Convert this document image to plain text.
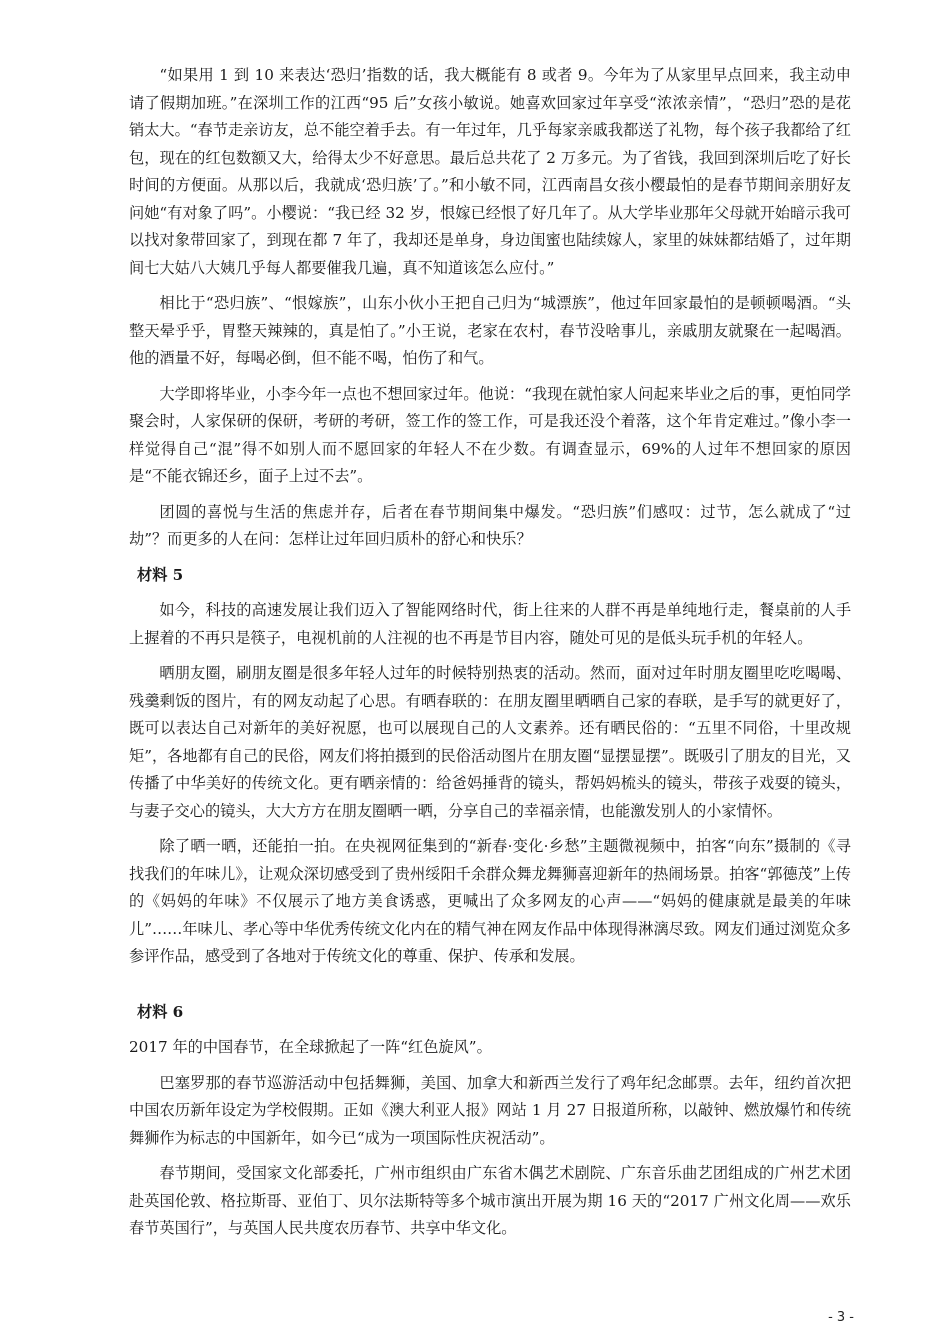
“如果用 1 到 10 来表达‘恐归’指数的话，我大概能有 8 或者 9。今年为了从家里早点回来，我主动申请了假期加班。”在深圳工作的江西“95 后”女孩小敏说。她喜欢回家过年享受“浓浓亲情”，“恐归”恐的是花销太大。“春节走亲访友，总不能空着手去。有一年过年，几乎每家亲戚我都送了礼物，每个孩子我都给了红包，现在的红包数额又大，给得太少不好意思。最后总共花了 2 万多元。为了省钱，我回到深圳后吃了好长时间的方便面。从那以后，我就成‘恐归族’了。”和小敏不同，江西南昌女孩小樱最怕的是春节期间亲朋好友问她“有对象了吗”。小樱说：“我已经 32 岁，恨嫁已经恨了好几年了。从大学毕业那年父母就开始暗示我可以找对象带回家了，到现在都 7 年了，我却还是单身，身边闺蜜也陆续嫁人，家里的妹妹都结婚了，过年期间七大姑八大姨几乎每人都要催我几遍，真不知道该怎么应付。”

相比于“恐归族”、“恨嫁族”，山东小伙小王把自己归为“城漂族”，他过年回家最怕的是顿顿喝酒。“头整天晕乎乎，胃整天辣辣的，真是怕了。”小王说，老家在农村，春节没啥事儿，亲戚朋友就聚在一起喝酒。他的酒量不好，每喝必倒，但不能不喝，怕伤了和气。

大学即将毕业，小李今年一点也不想回家过年。他说：“我现在就怕家人问起来毕业之后的事，更怕同学聚会时，人家保研的保研，考研的考研，签工作的签工作，可是我还没个着落，这个年肯定难过。”像小李一样觉得自己“混”得不如别人而不愿回家的年轻人不在少数。有调查显示，69%的人过年不想回家的原因是“不能衣锦还乡，面子上过不去”。

团圆的喜悦与生活的焦虑并存，后者在春节期间集中爆发。“恐归族”们感叹：过节，怎么就成了“过劫”？而更多的人在问：怎样让过年回归质朴的舒心和快乐？

材料 5

如今，科技的高速发展让我们迈入了智能网络时代，街上往来的人群不再是单纯地行走，餐桌前的人手上握着的不再只是筷子，电视机前的人注视的也不再是节目内容，随处可见的是低头玩手机的年轻人。

晒朋友圈，刷朋友圈是很多年轻人过年的时候特别热衷的活动。然而，面对过年时朋友圈里吃吃喝喝、残羹剩饭的图片，有的网友动起了心思。有晒春联的：在朋友圈里晒晒自己家的春联，是手写的就更好了，既可以表达自己对新年的美好祝愿，也可以展现自己的人文素养。还有晒民俗的：“五里不同俗，十里改规矩”，各地都有自己的民俗，网友们将拍摄到的民俗活动图片在朋友圈“显摆显摆”。既吸引了朋友的目光，又传播了中华美好的传统文化。更有晒亲情的：给爸妈捶背的镜头，帮妈妈梳头的镜头，带孩子戏耍的镜头，与妻子交心的镜头，大大方方在朋友圈晒一晒，分享自己的幸福亲情，也能激发别人的小家情怀。

除了晒一晒，还能拍一拍。在央视网征集到的“新春·变化·乡愁”主题微视频中，拍客“向东”摄制的《寻找我们的年味儿》，让观众深切感受到了贵州绥阳千余群众舞龙舞狮喜迎新年的热闹场景。拍客“郭德茂”上传的《妈妈的年味》不仅展示了地方美食诱惑，更喊出了众多网友的心声——“妈妈的健康就是最美的年味儿”……年味儿、孝心等中华优秀传统文化内在的精气神在网友作品中体现得淋漓尽致。网友们通过浏览众多参评作品，感受到了各地对于传统文化的尊重、保护、传承和发展。

材料 6

2017 年的中国春节，在全球掀起了一阵“红色旋风”。

巴塞罗那的春节巡游活动中包括舞狮，美国、加拿大和新西兰发行了鸡年纪念邮票。去年，纽约首次把中国农历新年设定为学校假期。正如《澳大利亚人报》网站 1 月 27 日报道所称，以敲钟、燃放爆竹和传统舞狮作为标志的中国新年，如今已“成为一项国际性庆祝活动”。

春节期间，受国家文化部委托，广州市组织由广东省木偶艺术剧院、广东音乐曲艺团组成的广州艺术团赴英国伦敦、格拉斯哥、亚伯丁、贝尔法斯特等多个城市演出开展为期 16 天的“2017 广州文化周——欢乐春节英国行”，与英国人民共度农历春节、共享中华文化。

- 3 -
